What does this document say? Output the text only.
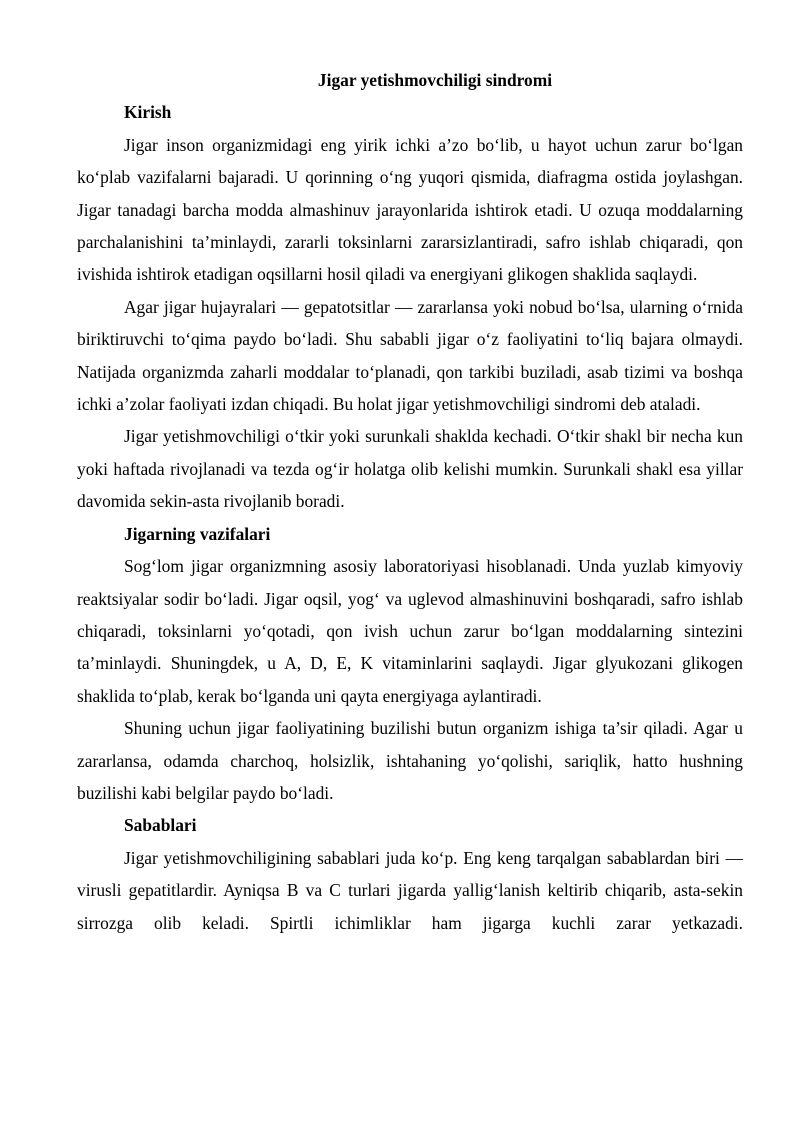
Jigar yetishmovchiligi sindromi

Kirish

Jigar inson organizmidagi eng yirik ichki a’zo bo‘lib, u hayot uchun zarur bo‘lgan ko‘plab vazifalarni bajaradi. U qorinning o‘ng yuqori qismida, diafragma ostida joylashgan. Jigar tanadagi barcha modda almashinuv jarayonlarida ishtirok etadi. U ozuqa moddalarning parchalanishini ta’minlaydi, zararli toksinlarni zararsizlantiradi, safro ishlab chiqaradi, qon ivishida ishtirok etadigan oqsillarni hosil qiladi va energiyani glikogen shaklida saqlaydi.

Agar jigar hujayralari — gepatotsitlar — zararlansa yoki nobud bo‘lsa, ularning o‘rnida biriktiruvchi to‘qima paydo bo‘ladi. Shu sababli jigar o‘z faoliyatini to‘liq bajara olmaydi. Natijada organizmda zaharli moddalar to‘planadi, qon tarkibi buziladi, asab tizimi va boshqa ichki a’zolar faoliyati izdan chiqadi. Bu holat jigar yetishmovchiligi sindromi deb ataladi.

Jigar yetishmovchiligi o‘tkir yoki surunkali shaklda kechadi. O‘tkir shakl bir necha kun yoki haftada rivojlanadi va tezda og‘ir holatga olib kelishi mumkin. Surunkali shakl esa yillar davomida sekin-asta rivojlanib boradi.

Jigarning vazifalari

Sog‘lom jigar organizmning asosiy laboratoriyasi hisoblanadi. Unda yuzlab kimyoviy reaktsiyalar sodir bo‘ladi. Jigar oqsil, yog‘ va uglevod almashinuvini boshqaradi, safro ishlab chiqaradi, toksinlarni yo‘qotadi, qon ivish uchun zarur bo‘lgan moddalarning sintezini ta’minlaydi. Shuningdek, u A, D, E, K vitaminlarini saqlaydi. Jigar glyukozani glikogen shaklida to‘plab, kerak bo‘lganda uni qayta energiyaga aylantiradi.

Shuning uchun jigar faoliyatining buzilishi butun organizm ishiga ta’sir qiladi. Agar u zararlansa, odamda charchoq, holsizlik, ishtahaning yo‘qolishi, sariqlik, hatto hushning buzilishi kabi belgilar paydo bo‘ladi.

Sabablari

Jigar yetishmovchiligining sabablari juda ko‘p. Eng keng tarqalgan sabablardan biri — virusli gepatitlardir. Ayniqsa B va C turlari jigarda yallig‘lanish keltirib chiqarib, asta-sekin sirrozga olib keladi. Spirtli ichimliklar ham jigarga kuchli zarar yetkazadi.
